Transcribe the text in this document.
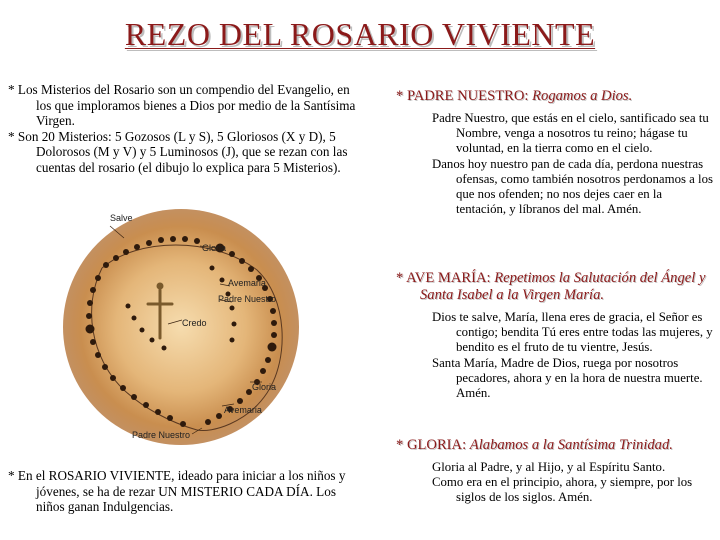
REZO DEL ROSARIO VIVIENTE

* Los Misterios del Rosario son un compendio del Evangelio, en los que imploramos bienes a Dios por medio de la Santísima Virgen.

* Son 20 Misterios: 5 Gozosos (L y S), 5 Gloriosos (X y D), 5 Dolorosos (M y V) y 5 Luminosos (J), que se rezan con las cuentas del rosario (el dibujo lo explica para 5 Misterios).

Salve
Gloria
Avemaria
Padre Nuestro
Credo
Gloria
Avemaria
Padre Nuestro

* En el ROSARIO VIVIENTE, ideado para iniciar a los niños y jóvenes, se ha de rezar UN MISTERIO CADA DÍA. Los niños ganan Indulgencias.

* PADRE NUESTRO: Rogamos a Dios.

Padre Nuestro, que estás en el cielo, santificado sea tu Nombre, venga a nosotros tu reino; hágase tu voluntad, en la tierra como en el cielo.

Danos hoy nuestro pan de cada día, perdona nuestras ofensas, como también nosotros perdonamos a los que nos ofenden; no nos dejes caer en la tentación, y líbranos del mal. Amén.

* AVE MARÍA: Repetimos la Salutación del Ángel y Santa Isabel a la Virgen María.

Dios te salve, María, llena eres de gracia, el Señor es contigo; bendita Tú eres entre todas las mujeres, y bendito es el fruto de tu vientre, Jesús.

Santa María, Madre de Dios, ruega por nosotros pecadores, ahora y en la hora de nuestra muerte. Amén.

* GLORIA: Alabamos a la Santísima Trinidad.

Gloria al Padre, y al Hijo, y al Espíritu Santo.

Como era en el principio, ahora, y siempre, por los siglos de los siglos. Amén.
